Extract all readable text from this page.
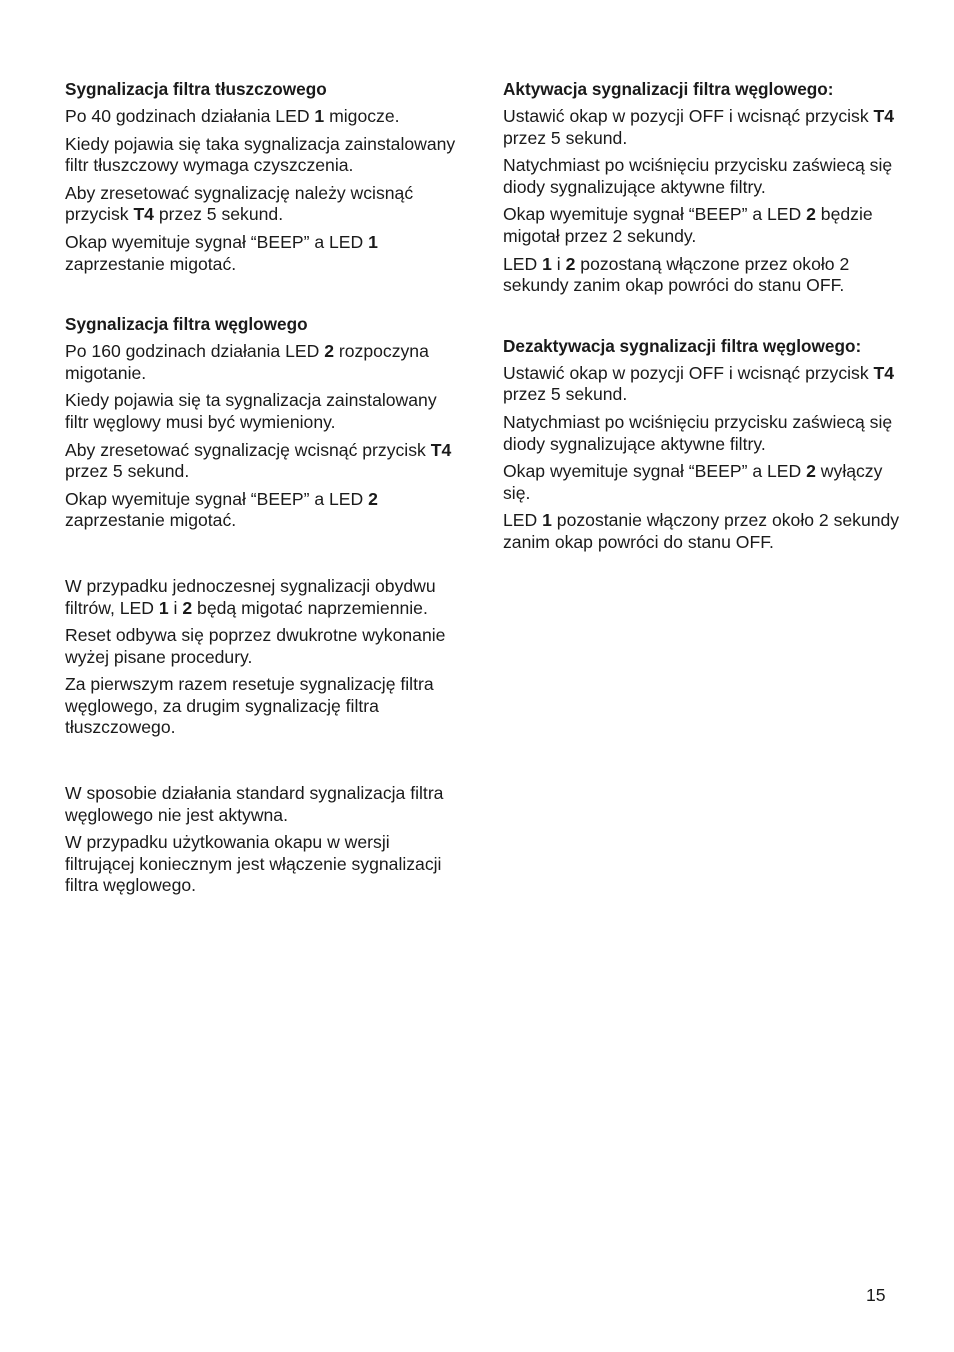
Sygnalizacja filtra tłuszczowego

Po 40 godzinach działania LED 1 migocze.

Kiedy pojawia się taka sygnalizacja zainstalowany filtr tłuszczowy wymaga czyszczenia.

Aby zresetować sygnalizację należy wcisnąć przycisk T4 przez 5 sekund.

Okap wyemituje sygnał “BEEP” a LED 1 zaprzestanie migotać.

Sygnalizacja filtra węglowego

Po 160 godzinach działania LED 2 rozpoczyna migotanie.

Kiedy pojawia się ta sygnalizacja zainstalowany filtr węglowy musi być wymieniony.

Aby zresetować sygnalizację wcisnąć przycisk T4 przez 5 sekund.

Okap wyemituje sygnał “BEEP” a LED 2 zaprzestanie migotać.

W przypadku jednoczesnej sygnalizacji obydwu filtrów, LED 1 i 2 będą migotać naprzemiennie.

Reset odbywa się poprzez dwukrotne wykonanie wyżej pisane procedury.

Za pierwszym razem resetuje sygnalizację filtra węglowego, za drugim sygnalizację filtra tłuszczowego.

W sposobie działania standard sygnalizacja filtra węglowego nie jest aktywna.

W przypadku użytkowania okapu w wersji filtrującej koniecznym jest włączenie sygnalizacji filtra węglowego.

Aktywacja sygnalizacji filtra węglowego:

Ustawić okap w pozycji OFF i wcisnąć przycisk T4 przez 5 sekund.

Natychmiast po wciśnięciu przycisku zaświecą się diody sygnalizujące aktywne filtry.

Okap wyemituje sygnał “BEEP” a LED 2 będzie migotał przez 2 sekundy.

LED 1 i 2 pozostaną włączone przez około 2 sekundy zanim okap powróci do stanu OFF.

Dezaktywacja sygnalizacji filtra węglowego:

Ustawić okap w pozycji OFF i wcisnąć przycisk T4 przez 5 sekund.

Natychmiast po wciśnięciu przycisku zaświecą się diody sygnalizujące aktywne filtry.

Okap wyemituje sygnał “BEEP” a LED 2 wyłączy się.

LED 1 pozostanie włączony przez około 2 sekundy zanim okap powróci do stanu OFF.

15
